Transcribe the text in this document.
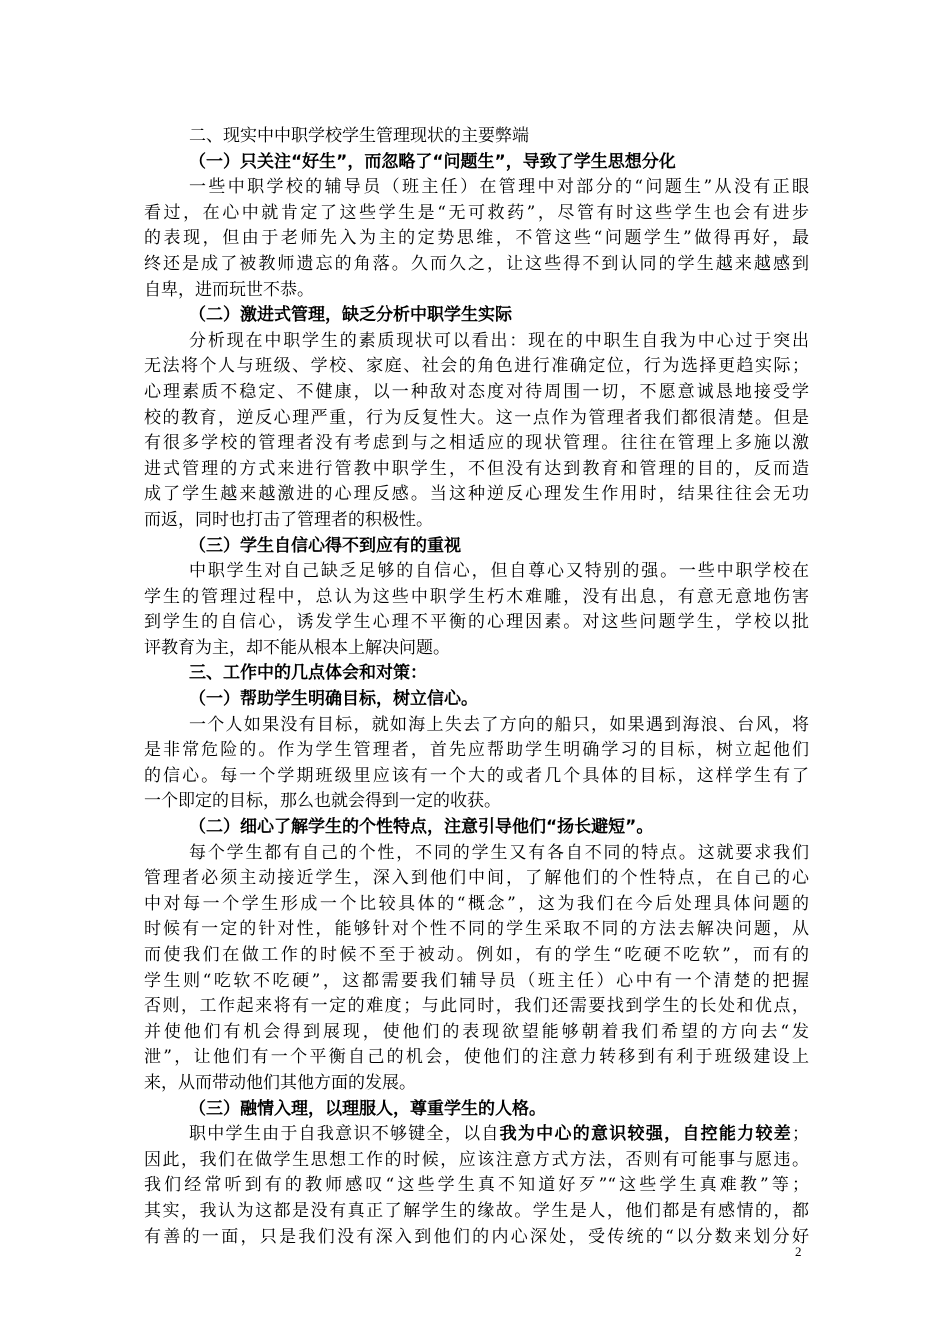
二、现实中中职学校学生管理现状的主要弊端
（一）只关注“好生”，而忽略了“问题生”，导致了学生思想分化
一些中职学校的辅导员（班主任）在管理中对部分的“问题生”从没有正眼
看过，在心中就肯定了这些学生是“无可救药”，尽管有时这些学生也会有进步
的表现，但由于老师先入为主的定势思维，不管这些“问题学生”做得再好，最
终还是成了被教师遗忘的角落。久而久之，让这些得不到认同的学生越来越感到
自卑，进而玩世不恭。
（二）激进式管理，缺乏分析中职学生实际
分析现在中职学生的素质现状可以看出：现在的中职生自我为中心过于突出
无法将个人与班级、学校、家庭、社会的角色进行准确定位，行为选择更趋实际；
心理素质不稳定、不健康，以一种敌对态度对待周围一切，不愿意诚恳地接受学
校的教育，逆反心理严重，行为反复性大。这一点作为管理者我们都很清楚。但是
有很多学校的管理者没有考虑到与之相适应的现状管理。往往在管理上多施以激
进式管理的方式来进行管教中职学生，不但没有达到教育和管理的目的，反而造
成了学生越来越激进的心理反感。当这种逆反心理发生作用时，结果往往会无功
而返，同时也打击了管理者的积极性。
（三）学生自信心得不到应有的重视
中职学生对自己缺乏足够的自信心，但自尊心又特别的强。一些中职学校在
学生的管理过程中，总认为这些中职学生朽木难雕，没有出息，有意无意地伤害
到学生的自信心，诱发学生心理不平衡的心理因素。对这些问题学生，学校以批
评教育为主，却不能从根本上解决问题。
三、工作中的几点体会和对策：
（一）帮助学生明确目标，树立信心。
一个人如果没有目标，就如海上失去了方向的船只，如果遇到海浪、台风，将
是非常危险的。作为学生管理者，首先应帮助学生明确学习的目标，树立起他们
的信心。每一个学期班级里应该有一个大的或者几个具体的目标，这样学生有了
一个即定的目标，那么也就会得到一定的收获。
（二）细心了解学生的个性特点，注意引导他们“扬长避短”。
每个学生都有自己的个性，不同的学生又有各自不同的特点。这就要求我们
管理者必须主动接近学生，深入到他们中间，了解他们的个性特点，在自己的心
中对每一个学生形成一个比较具体的“概念”，这为我们在今后处理具体问题的
时候有一定的针对性，能够针对个性不同的学生采取不同的方法去解决问题，从
而使我们在做工作的时候不至于被动。例如，有的学生“吃硬不吃软”，而有的
学生则“吃软不吃硬”，这都需要我们辅导员（班主任）心中有一个清楚的把握
否则，工作起来将有一定的难度；与此同时，我们还需要找到学生的长处和优点，
并使他们有机会得到展现，使他们的表现欲望能够朝着我们希望的方向去“发
泄”，让他们有一个平衡自己的机会，使他们的注意力转移到有利于班级建设上
来，从而带动他们其他方面的发展。
（三）融情入理，以理服人，尊重学生的人格。
职中学生由于自我意识不够键全，以自我为中心的意识较强，自控能力较差；
因此，我们在做学生思想工作的时候，应该注意方式方法，否则有可能事与愿违。
我们经常听到有的教师感叹“这些学生真不知道好歹”“这些学生真难教”等；
其实，我认为这都是没有真正了解学生的缘故。学生是人，他们都是有感情的，都
有善的一面，只是我们没有深入到他们的内心深处，受传统的“以分数来划分好
2
